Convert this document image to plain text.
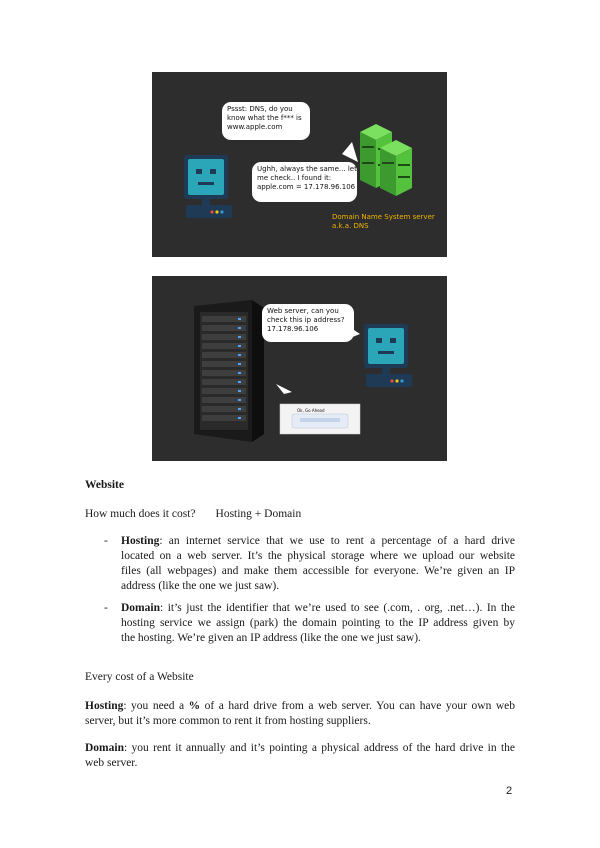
Pssst: DNS, do you
know what the f*** is
www.apple.com
Ughh, always the same... let
me check.. I found it:
apple.com = 17.178.96.106
Domain Name System server
a.k.a. DNS
Web server, can you
check this ip address?
17.178.96.106
Ok, Go Ahead
Website
How much does it cost? Hosting + Domain
- Hosting: an internet service that we use to rent a percentage of a hard drive
located on a web server. It’s the physical storage where we upload our website
files (all webpages) and make them accessible for everyone. We’re given an IP
address (like the one we just saw).
- Domain: it’s just the identifier that we’re used to see (.com, . org, .net…). In the
hosting service we assign (park) the domain pointing to the IP address given by
the hosting. We’re given an IP address (like the one we just saw).
Every cost of a Website
Hosting: you need a % of a hard drive from a web server. You can have your own web
server, but it’s more common to rent it from hosting suppliers.
Domain: you rent it annually and it’s pointing a physical address of the hard drive in the
web server.
2
